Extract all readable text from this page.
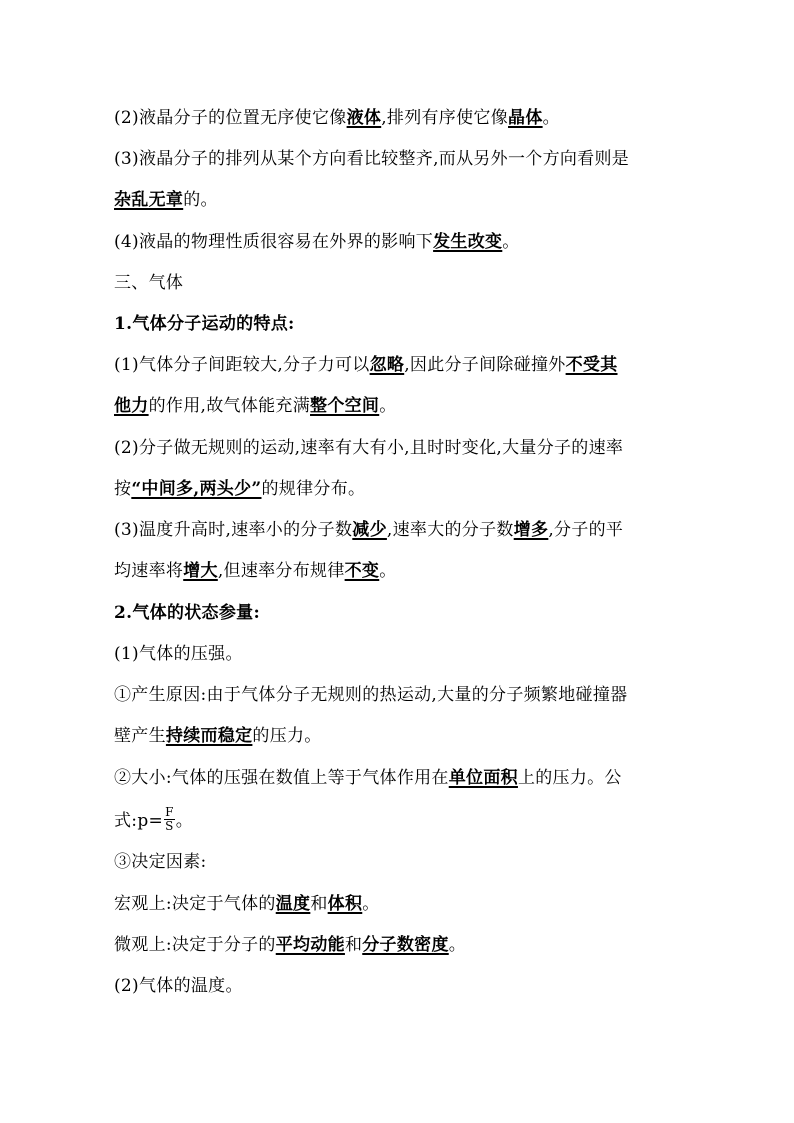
(2)液晶分子的位置无序使它像液体,排列有序使它像晶体。
(3)液晶分子的排列从某个方向看比较整齐,而从另外一个方向看则是
杂乱无章的。
(4)液晶的物理性质很容易在外界的影响下发生改变。
三、气体
1.气体分子运动的特点:
(1)气体分子间距较大,分子力可以忽略,因此分子间除碰撞外不受其
他力的作用,故气体能充满整个空间。
(2)分子做无规则的运动,速率有大有小,且时时变化,大量分子的速率
按“中间多,两头少”的规律分布。
(3)温度升高时,速率小的分子数减少,速率大的分子数增多,分子的平
均速率将增大,但速率分布规律不变。
2.气体的状态参量:
(1)气体的压强。
①产生原因:由于气体分子无规则的热运动,大量的分子频繁地碰撞器
壁产生持续而稳定的压力。
②大小:气体的压强在数值上等于气体作用在单位面积上的压力。公
式:p= $\frac{F}{S}$ 。
③决定因素:
宏观上:决定于气体的温度和体积。
微观上:决定于分子的平均动能和分子数密度。
(2)气体的温度。
